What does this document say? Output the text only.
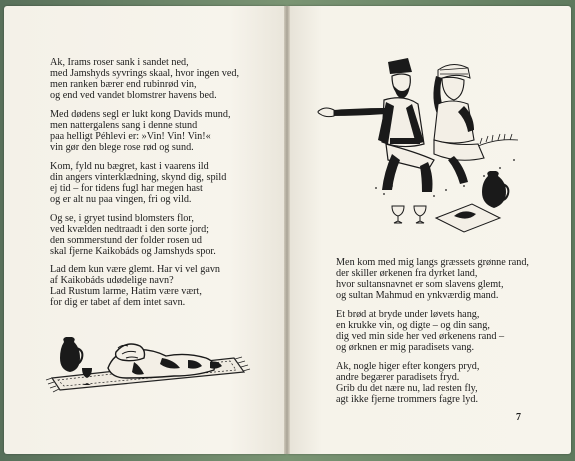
Ak, Irams roser sank i sandet ned,
med Jamshyds syvrings skaal, hvor ingen ved,
men ranken bærer end rubinrød vin,
og end ved vandet blomstrer havens bed.

Med dødens segl er lukt kong Davids mund,
men nattergalens sang i denne stund
paa helligt Péhlevi er: »Vin! Vin! Vin!«
vin gør den blege rose rød og sund.

Kom, fyld nu bægret, kast i vaarens ild
din angers vinterklædning, skynd dig, spild
ej tid – for tidens fugl har megen hast
og er alt nu paa vingen, fri og vild.

Og se, i gryet tusind blomsters flor,
ved kvælden nedtraadt i den sorte jord;
den sommerstund der folder rosen ud
skal fjerne Kaikobáds og Jamshyds spor.

Lad dem kun være glemt. Har vi vel gavn
af Kaikobáds udødelige navn?
Lad Rustum larme, Hatim være vært,
for dig er tabet af dem intet savn.

Men kom med mig langs græssets grønne rand,
der skiller ørkenen fra dyrket land,
hvor sultansnavnet er som slavens glemt,
og sultan Mahmud en ynkværdig mand.

Et brød at bryde under løvets hang,
en krukke vin, og digte – og din sang,
dig ved min side her ved ørkenens rand –
og ørknen er mig paradisets vang.

Ak, nogle higer efter kongers pryd,
andre begærer paradisets fryd.
Grib du det nære nu, lad resten fly,
agt ikke fjerne trommers fagre lyd.

7
